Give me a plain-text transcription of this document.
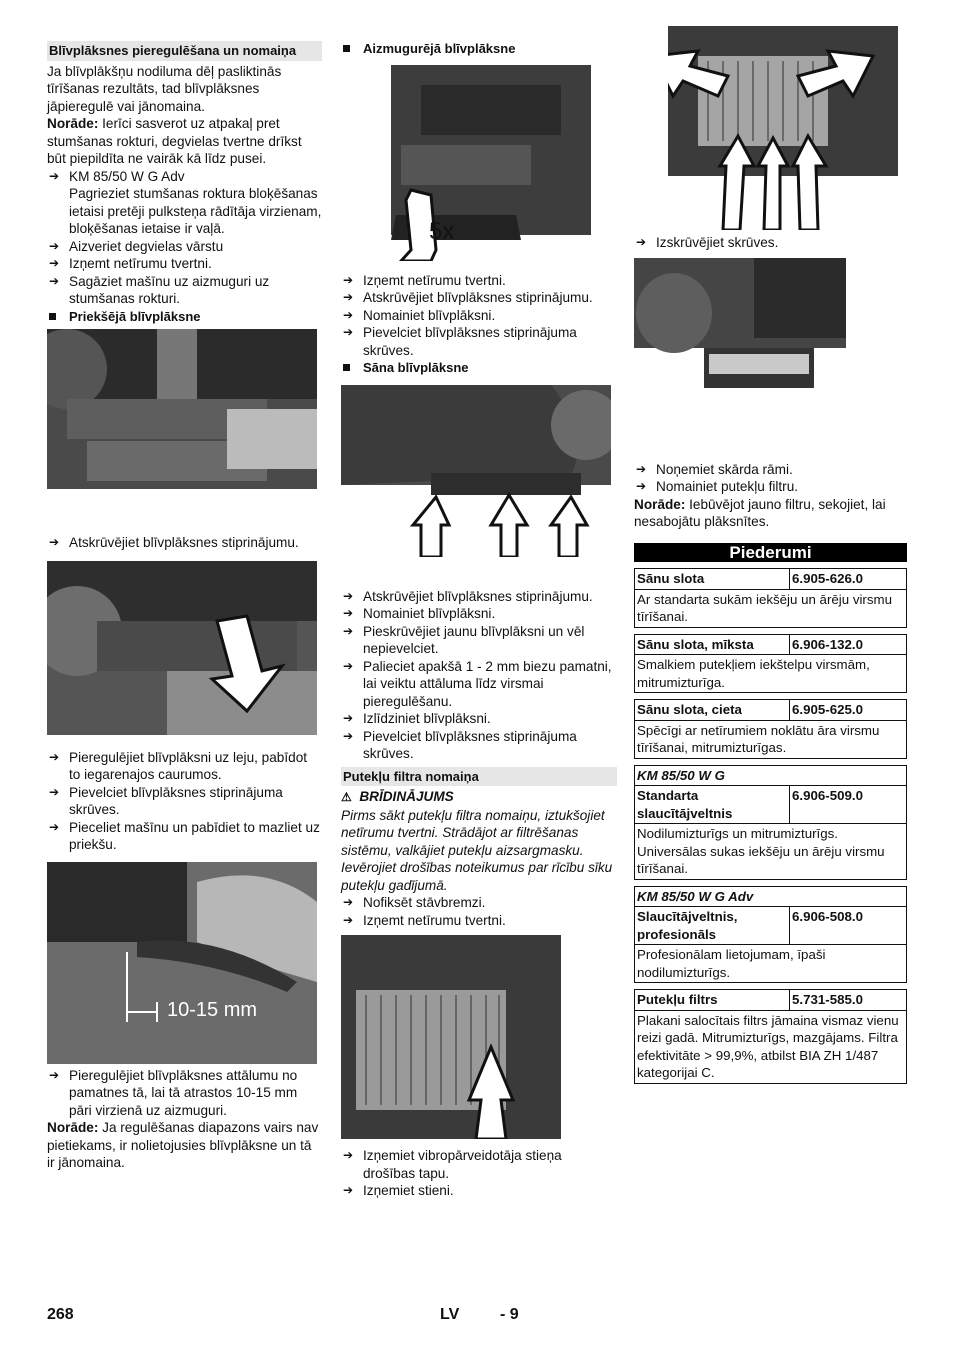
Blīvplāksnes pieregulēšana un nomaiņa

Ja blīvplākšņu nodiluma dēļ pasliktinās tīrīšanas rezultāts, tad blīvplāksnes jāpieregulē vai jānomaina.

Norāde: Ierīci sasverot uz atpakaļ pret stumšanas rokturi, degvielas tvertne drīkst būt piepildīta ne vairāk kā līdz pusei.

➔ KM 85/50 W G Adv

Pagrieziet stumšanas roktura bloķēšanas ietaisi pretēji pulksteņa rādītāja virzienam, bloķēšanas ietaise ir vaļā.

➔ Aizveriet degvielas vārstu

➔ Izņemt netīrumu tvertni.

➔ Sagāziet mašīnu uz aizmuguri uz stumšanas rokturi.

Priekšējā blīvplāksne

➔ Atskrūvējiet blīvplāksnes stiprinājumu.

➔ Pieregulējiet blīvplāksni uz leju, pabīdot to iegarenajos caurumos.

➔ Pievelciet blīvplāksnes stiprinājuma skrūves.

➔ Pieceliet mašīnu un pabīdiet to mazliet uz priekšu.

10-15 mm

➔ Pieregulējiet blīvplāksnes attālumu no pamatnes tā, lai tā atrastos 10-15 mm pāri virzienā uz aizmuguri.

Norāde: Ja regulēšanas diapazons vairs nav pietiekams, ir nolietojusies blīvplāksne un tā ir jānomaina.

Aizmugurējā blīvplāksne

5x

➔ Izņemt netīrumu tvertni.

➔ Atskrūvējiet blīvplāksnes stiprinājumu.

➔ Nomainiet blīvplāksni.

➔ Pievelciet blīvplāksnes stiprinājuma skrūves.

Sāna blīvplāksne

➔ Atskrūvējiet blīvplāksnes stiprinājumu.

➔ Nomainiet blīvplāksni.

➔ Pieskrūvējiet jaunu blīvplāksni un vēl nepievelciet.

➔ Palieciet apakšā 1 - 2 mm biezu pamatni, lai veiktu attāluma līdz virsmai pieregulēšanu.

➔ Izlīdziniet blīvplāksni.

➔ Pievelciet blīvplāksnes stiprinājuma skrūves.

Putekļu filtra nomaiņa

⚠ BRĪDINĀJUMS

Pirms sākt putekļu filtra nomaiņu, iztukšojiet netīrumu tvertni. Strādājot ar filtrēšanas sistēmu, valkājiet putekļu aizsargmasku. Ievērojiet drošības noteikumus par rīcību sīku putekļu gadījumā.

➔ Nofiksēt stāvbremzi.

➔ Izņemt netīrumu tvertni.

➔ Izņemiet vibropārveidotāja stieņa drošības tapu.

➔ Izņemiet stieni.

➔ Izskrūvējiet skrūves.

➔ Noņemiet skārda rāmi.

➔ Nomainiet putekļu filtru.

Norāde: Iebūvējot jauno filtru, sekojiet, lai nesabojātu plāksnītes.

Piederumi
Sānu slota	6.905-626.0
Ar standarta sukām iekšēju un ārēju virsmu tīrīšanai.
Sānu slota, mīksta	6.906-132.0
Smalkiem putekļiem iekštelpu virsmām, mitrumizturīga.
Sānu slota, cieta	6.905-625.0
Spēcīgi ar netīrumiem noklātu āra virsmu tīrīšanai, mitrumizturīgas.
KM 85/50 W G
Standarta slaucītājveltnis	6.906-509.0
Nodilumizturīgs un mitrumizturīgs. Universālas sukas iekšēju un ārēju virsmu tīrīšanai.
KM 85/50 W G Adv
Slaucītājveltnis, profesionāls	6.906-508.0
Profesionālam lietojumam, īpaši nodilumizturīgs.
Putekļu filtrs	5.731-585.0
Plakani salocītais filtrs jāmaina vismaz vienu reizi gadā. Mitrumizturīgs, mazgājams. Filtra efektivitāte > 99,9%, atbilst BIA ZH 1/487 kategorijai C.
268	LV	- 9
